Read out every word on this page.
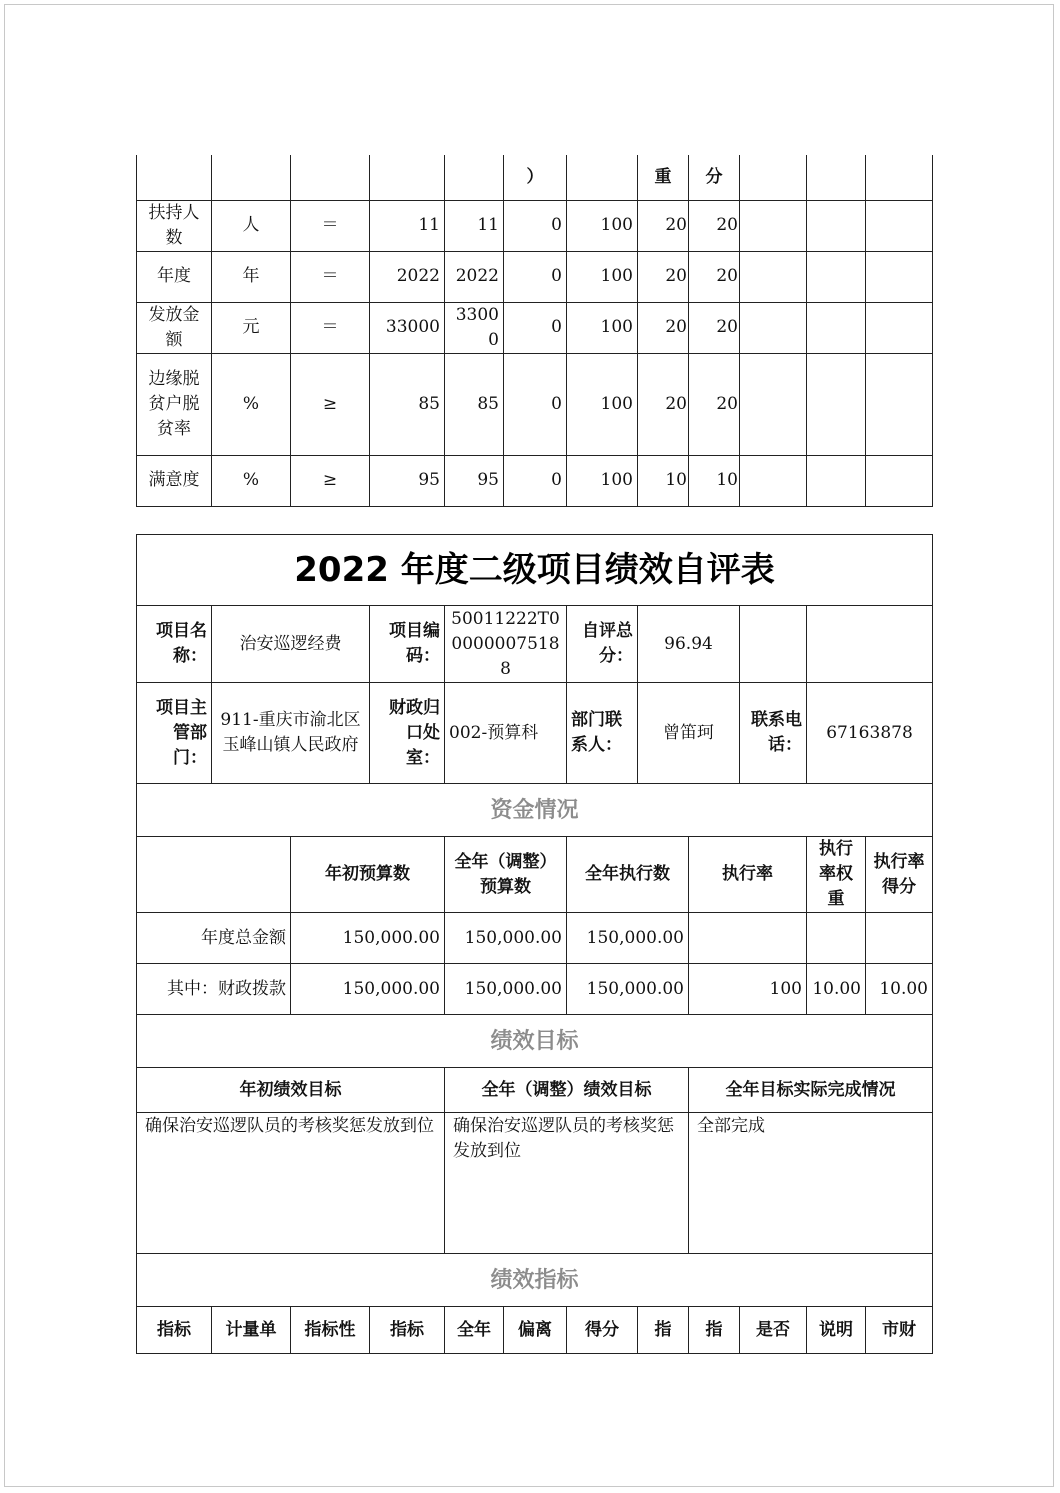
					）		重	分			
扶持人数	人	＝	11	11	0	100	20	20			
年度	年	＝	2022	2022	0	100	20	20			
发放金额	元	＝	33000	33000	0	100	20	20			
边缘脱贫户脱贫率	%	≥	85	85	0	100	20	20			
满意度	%	≥	95	95	0	100	10	10			
2022 年度二级项目绩效自评表											
项目名称：	治安巡逻经费		项目编码：	50011222T000000075188		自评总分：	96.94				
项目主管部门：	911-重庆市渝北区玉峰山镇人民政府		财政归口处室：	002-预算科		部门联系人：	曾笛珂		联系电话：	67163878	
资金情况											
		年初预算数		全年（调整）预算数		全年执行数		执行率		执行率权重	执行率得分
年度总金额		150,000.00		150,000.00		150,000.00					
其中：财政拨款		150,000.00		150,000.00		150,000.00		100		10.00	10.00
绩效目标											
年初绩效目标				全年（调整）绩效目标				全年目标实际完成情况			
确保治安巡逻队员的考核奖惩发放到位				确保治安巡逻队员的考核奖惩发放到位				全部完成			
绩效指标											
指标	计量单	指标性	指标	全年	偏离	得分	指	指	是否	说明	市财
